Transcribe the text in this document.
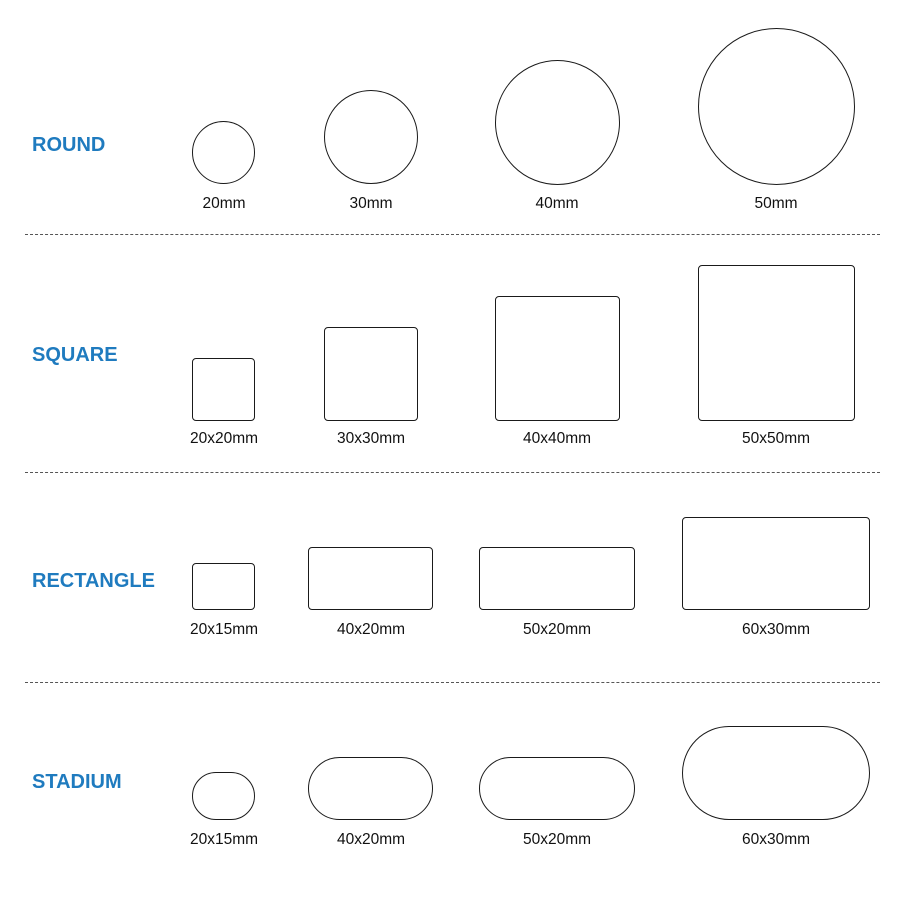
ROUND
20mm	30mm	40mm	50mm
SQUARE
20x20mm	30x30mm	40x40mm	50x50mm
RECTANGLE
20x15mm	40x20mm	50x20mm	60x30mm
STADIUM
20x15mm	40x20mm	50x20mm	60x30mm
